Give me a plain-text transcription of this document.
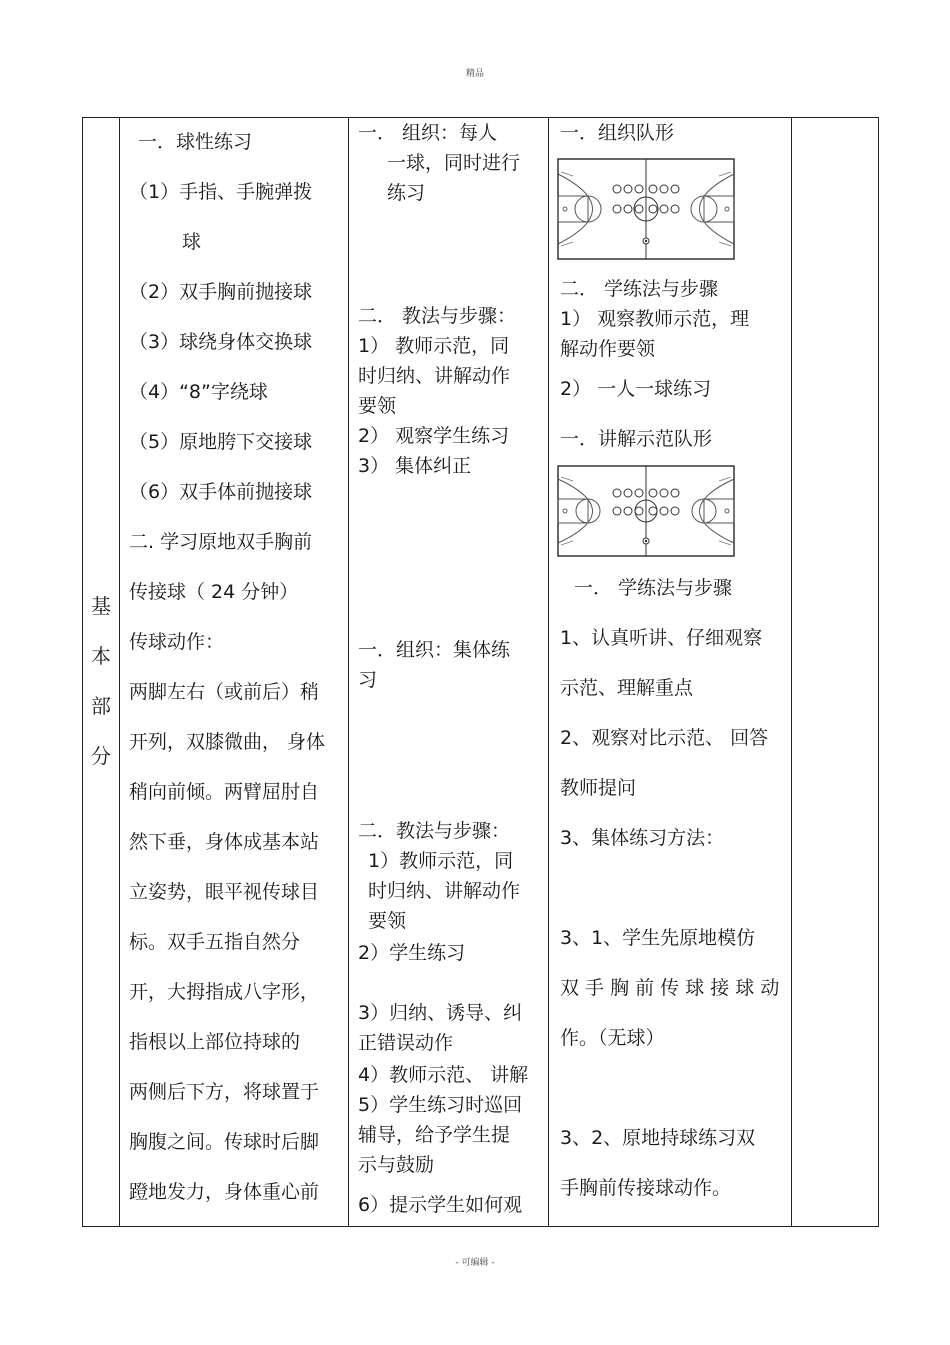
精品
基
本
部
分
一．球性练习
（1）手指、手腕弹拨
球
（2）双手胸前抛接球
（3）球绕身体交换球
（4）“8”字绕球
（5）原地胯下交接球
（6）双手体前抛接球
二. 学习原地双手胸前
传接球（ 24 分钟）
传球动作：
两脚左右（或前后）稍
开列，双膝微曲， 身体
稍向前倾。两臂屈肘自
然下垂，身体成基本站
立姿势，眼平视传球目
标。双手五指自然分
开，大拇指成八字形，
指根以上部位持球的
两侧后下方，将球置于
胸腹之间。传球时后脚
蹬地发力，身体重心前
一． 组织：每人
一球，同时进行
练习
二． 教法与步骤：
1） 教师示范，同
时归纳、讲解动作
要领
2） 观察学生练习
3） 集体纠正
一．组织：集体练
习
二．教法与步骤：
1）教师示范，同
时归纳、讲解动作
要领
2）学生练习
3）归纳、诱导、纠
正错误动作
4）教师示范、 讲解
5）学生练习时巡回
辅导，给予学生提
示与鼓励
6）提示学生如何观
一．组织队形
二． 学练法与步骤
1） 观察教师示范，理
解动作要领
2） 一人一球练习
一．讲解示范队形
一． 学练法与步骤
1、认真听讲、仔细观察
示范、理解重点
2、观察对比示范、 回答
教师提问
3、集体练习方法：
3、1、学生先原地模仿
双 手 胸 前 传 球 接 球 动
作。（无球）
3、2、原地持球练习双
手胸前传接球动作。
- 可编辑 -
